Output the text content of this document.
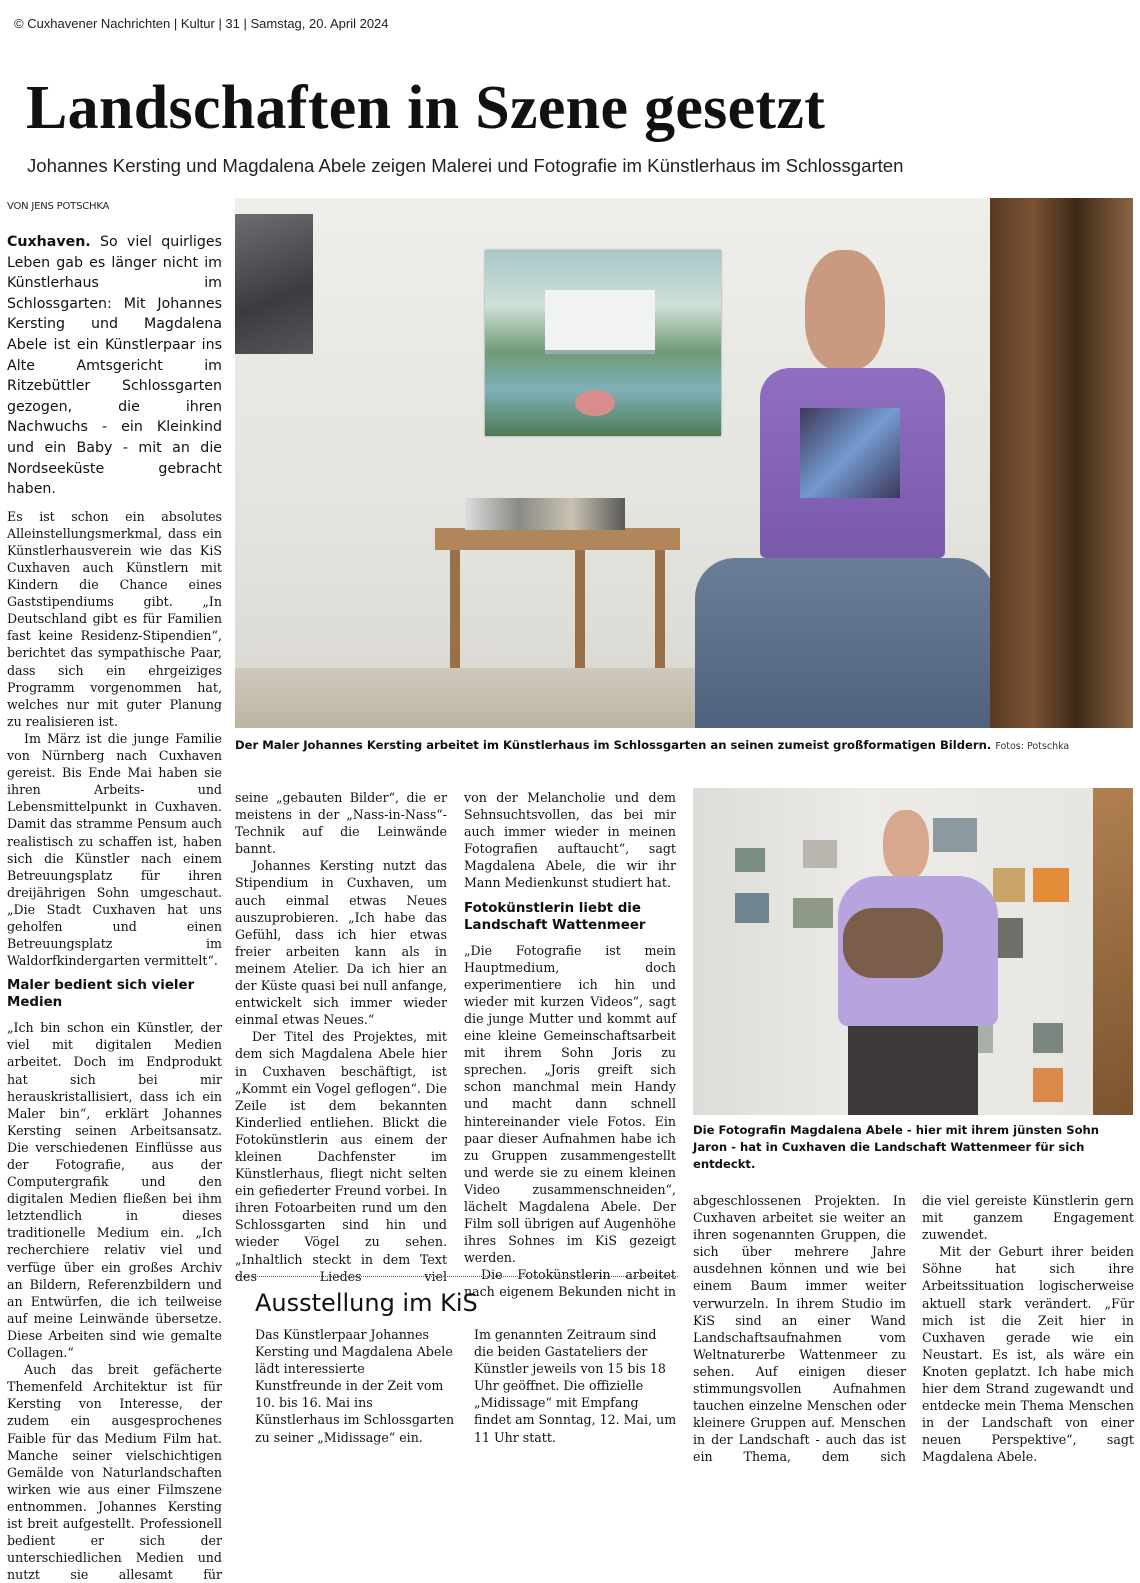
© Cuxhavener Nachrichten | Kultur | 31 | Samstag, 20. April 2024
Landschaften in Szene gesetzt
Johannes Kersting und Magdalena Abele zeigen Malerei und Fotografie im Künstlerhaus im Schlossgarten
VON JENS POTSCHKA

Cuxhaven. So viel quirliges Leben gab es länger nicht im Künstlerhaus im Schlossgarten: Mit Johannes Kersting und Magdalena Abele ist ein Künstlerpaar ins Alte Amtsgericht im Ritzebüttler Schlossgarten gezogen, die ihren Nachwuchs - ein Kleinkind und ein Baby - mit an die Nordseeküste gebracht haben.

Es ist schon ein absolutes Alleinstellungsmerkmal, dass ein Künstlerhausverein wie das KiS Cuxhaven auch Künstlern mit Kindern die Chance eines Gaststipendiums gibt. „In Deutschland gibt es für Familien fast keine Residenz-Stipendien“, berichtet das sympathische Paar, dass sich ein ehrgeiziges Programm vorgenommen hat, welches nur mit guter Planung zu realisieren ist.

Im März ist die junge Familie von Nürnberg nach Cuxhaven gereist. Bis Ende Mai haben sie ihren Arbeits- und Lebensmittelpunkt in Cuxhaven. Damit das stramme Pensum auch realistisch zu schaffen ist, haben sich die Künstler nach einem Betreuungsplatz für ihren dreijährigen Sohn umgeschaut. „Die Stadt Cuxhaven hat uns geholfen und einen Betreuungsplatz im Waldorfkindergarten vermittelt“.

Maler bedient sich vieler Medien

„Ich bin schon ein Künstler, der viel mit digitalen Medien arbeitet. Doch im Endprodukt hat sich bei mir herauskristallisiert, dass ich ein Maler bin“, erklärt Johannes Kersting seinen Arbeitsansatz. Die verschiedenen Einflüsse aus der Fotografie, aus der Computergrafik und den digitalen Medien fließen bei ihm letztendlich in dieses traditionelle Medium ein. „Ich recherchiere relativ viel und verfüge über ein großes Archiv an Bildern, Referenzbildern und an Entwürfen, die ich teilweise auf meine Leinwände übersetze. Diese Arbeiten sind wie gemalte Collagen.“

Auch das breit gefächerte Themenfeld Architektur ist für Kersting von Interesse, der zudem ein ausgesprochenes Faible für das Medium Film hat. Manche seiner vielschichtigen Gemälde von Naturlandschaften wirken wie aus einer Filmszene entnommen. Johannes Kersting ist breit aufgestellt. Professionell bedient er sich der unterschiedlichen Medien und nutzt sie allesamt für

seine „gebauten Bilder“, die er meistens in der „Nass-in-Nass“-Technik auf die Leinwände bannt.

Johannes Kersting nutzt das Stipendium in Cuxhaven, um auch einmal etwas Neues auszuprobieren. „Ich habe das Gefühl, dass ich hier etwas freier arbeiten kann als in meinem Atelier. Da ich hier an der Küste quasi bei null anfange, entwickelt sich immer wieder einmal etwas Neues.“

Der Titel des Projektes, mit dem sich Magdalena Abele hier in Cuxhaven beschäftigt, ist „Kommt ein Vogel geflogen“. Die Zeile ist dem bekannten Kinderlied entliehen. Blickt die Fotokünstlerin aus einem der kleinen Dachfenster im Künstlerhaus, fliegt nicht selten ein gefiederter Freund vorbei. In ihren Fotoarbeiten rund um den Schlossgarten sind hin und wieder Vögel zu sehen. „Inhaltlich steckt in dem Text des Liedes viel

von der Melancholie und dem Sehnsuchtsvollen, das bei mir auch immer wieder in meinen Fotografien auftaucht“, sagt Magdalena Abele, die wir ihr Mann Medienkunst studiert hat.

Fotokünstlerin liebt die Landschaft Wattenmeer

„Die Fotografie ist mein Hauptmedium, doch experimentiere ich hin und wieder mit kurzen Videos“, sagt die junge Mutter und kommt auf eine kleine Gemeinschaftsarbeit mit ihrem Sohn Joris zu sprechen. „Joris greift sich schon manchmal mein Handy und macht dann schnell hintereinander viele Fotos. Ein paar dieser Aufnahmen habe ich zu Gruppen zusammengestellt und werde sie zu einem kleinen Video zusammenschneiden“, lächelt Magdalena Abele. Der Film soll übrigen auf Augenhöhe ihres Sohnes im KiS gezeigt werden.

Die Fotokünstlerin arbeitet nach eigenem Bekunden nicht in

abgeschlossenen Projekten. In Cuxhaven arbeitet sie weiter an ihren sogenannten Gruppen, die sich über mehrere Jahre ausdehnen können und wie bei einem Baum immer weiter verwurzeln. In ihrem Studio im KiS sind an einer Wand Landschaftsaufnahmen vom Weltnaturerbe Wattenmeer zu sehen. Auf einigen dieser stimmungsvollen Aufnahmen tauchen einzelne Menschen oder kleinere Gruppen auf. Menschen in der Landschaft - auch das ist ein Thema, dem sich

die viel gereiste Künstlerin gern mit ganzem Engagement zuwendet.

Mit der Geburt ihrer beiden Söhne hat sich ihre Arbeitssituation logischerweise aktuell stark verändert. „Für mich ist die Zeit hier in Cuxhaven gerade wie ein Neustart. Es ist, als wäre ein Knoten geplatzt. Ich habe mich hier dem Strand zugewandt und entdecke mein Thema Menschen in der Landschaft von einer neuen Perspektive“, sagt Magdalena Abele.

Der Maler Johannes Kersting arbeitet im Künstlerhaus im Schlossgarten an seinen zumeist großformatigen Bildern. Fotos: Potschka
Die Fotografin Magdalena Abele - hier mit ihrem jünsten Sohn Jaron - hat in Cuxhaven die Landschaft Wattenmeer für sich entdeckt.
Ausstellung im KiS
Das Künstlerpaar Johannes Kersting und Magdalena Abele lädt interessierte Kunstfreunde in der Zeit vom 10. bis 16. Mai ins Künstlerhaus im Schlossgarten zu seiner „Midissage“ ein.
Im genannten Zeitraum sind die beiden Gastateliers der Künstler jeweils von 15 bis 18 Uhr geöffnet. Die offizielle „Midissage“ mit Empfang findet am Sonntag, 12. Mai, um 11 Uhr statt.
